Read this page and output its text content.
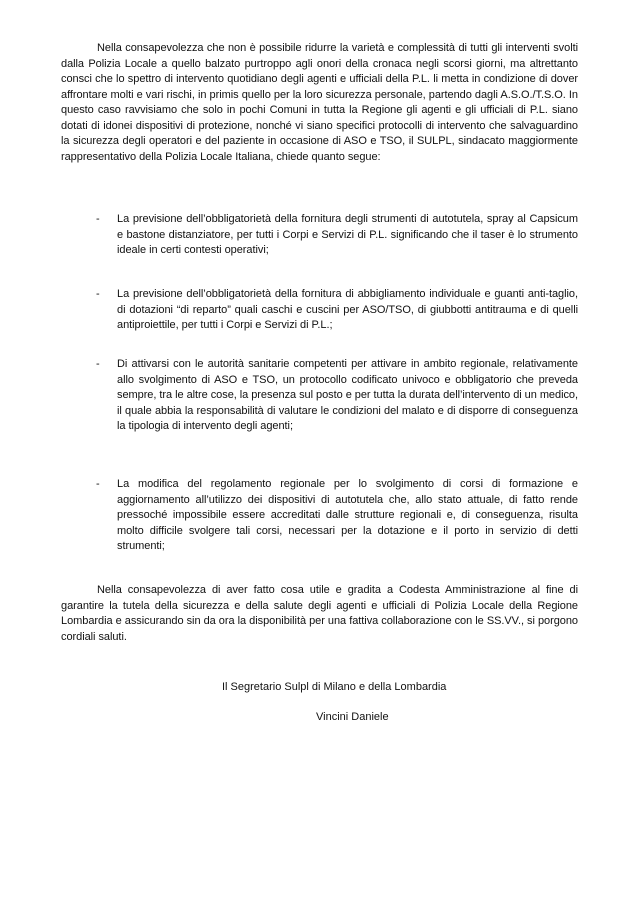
Nella consapevolezza che non è possibile ridurre la varietà e complessità di tutti gli interventi svolti dalla Polizia Locale a quello balzato purtroppo agli onori della cronaca negli scorsi giorni, ma altrettanto consci che lo spettro di intervento quotidiano degli agenti e ufficiali della P.L. li metta in condizione di dover affrontare molti e vari rischi, in primis quello per la loro sicurezza personale, partendo dagli A.S.O./T.S.O. In questo caso ravvisiamo che solo in pochi Comuni in tutta la Regione gli agenti e gli ufficiali di P.L. siano dotati di idonei dispositivi di protezione, nonché vi siano specifici protocolli di intervento che salvaguardino la sicurezza degli operatori e del paziente in occasione di ASO e TSO, il SULPL, sindacato maggiormente rappresentativo della Polizia Locale Italiana, chiede quanto segue:

-	La previsione dell’obbligatorietà della fornitura degli strumenti di autotutela, spray al Capsicum e bastone distanziatore, per tutti i Corpi e Servizi di P.L. significando che il taser è lo strumento ideale in certi contesti operativi;

-	La previsione dell’obbligatorietà della fornitura di abbigliamento individuale e guanti anti-taglio, di dotazioni “di reparto” quali caschi e cuscini per ASO/TSO, di giubbotti antitrauma e di quelli antiproiettile, per tutti i Corpi e Servizi di P.L.;

-	Di attivarsi con le autorità sanitarie competenti per attivare in ambito regionale, relativamente allo svolgimento di ASO e TSO, un protocollo codificato univoco e obbligatorio che preveda sempre, tra le altre cose, la presenza sul posto e per tutta la durata dell’intervento di un medico, il quale abbia la responsabilità di valutare le condizioni del malato e di disporre di conseguenza la tipologia di intervento degli agenti;

-	La modifica del regolamento regionale per lo svolgimento di corsi di formazione e aggiornamento all’utilizzo dei dispositivi di autotutela che, allo stato attuale, di fatto rende pressoché impossibile essere accreditati dalle strutture regionali e, di conseguenza, risulta molto difficile svolgere tali corsi, necessari per la dotazione e il porto in servizio di detti strumenti;

Nella consapevolezza di aver fatto cosa utile e gradita a Codesta Amministrazione al fine di garantire la tutela della sicurezza e della salute degli agenti e ufficiali di Polizia Locale della Regione Lombardia e assicurando sin da ora la disponibilità per una fattiva collaborazione con le SS.VV., si porgono cordiali saluti.

Il Segretario Sulpl di Milano e della Lombardia

Vincini Daniele
